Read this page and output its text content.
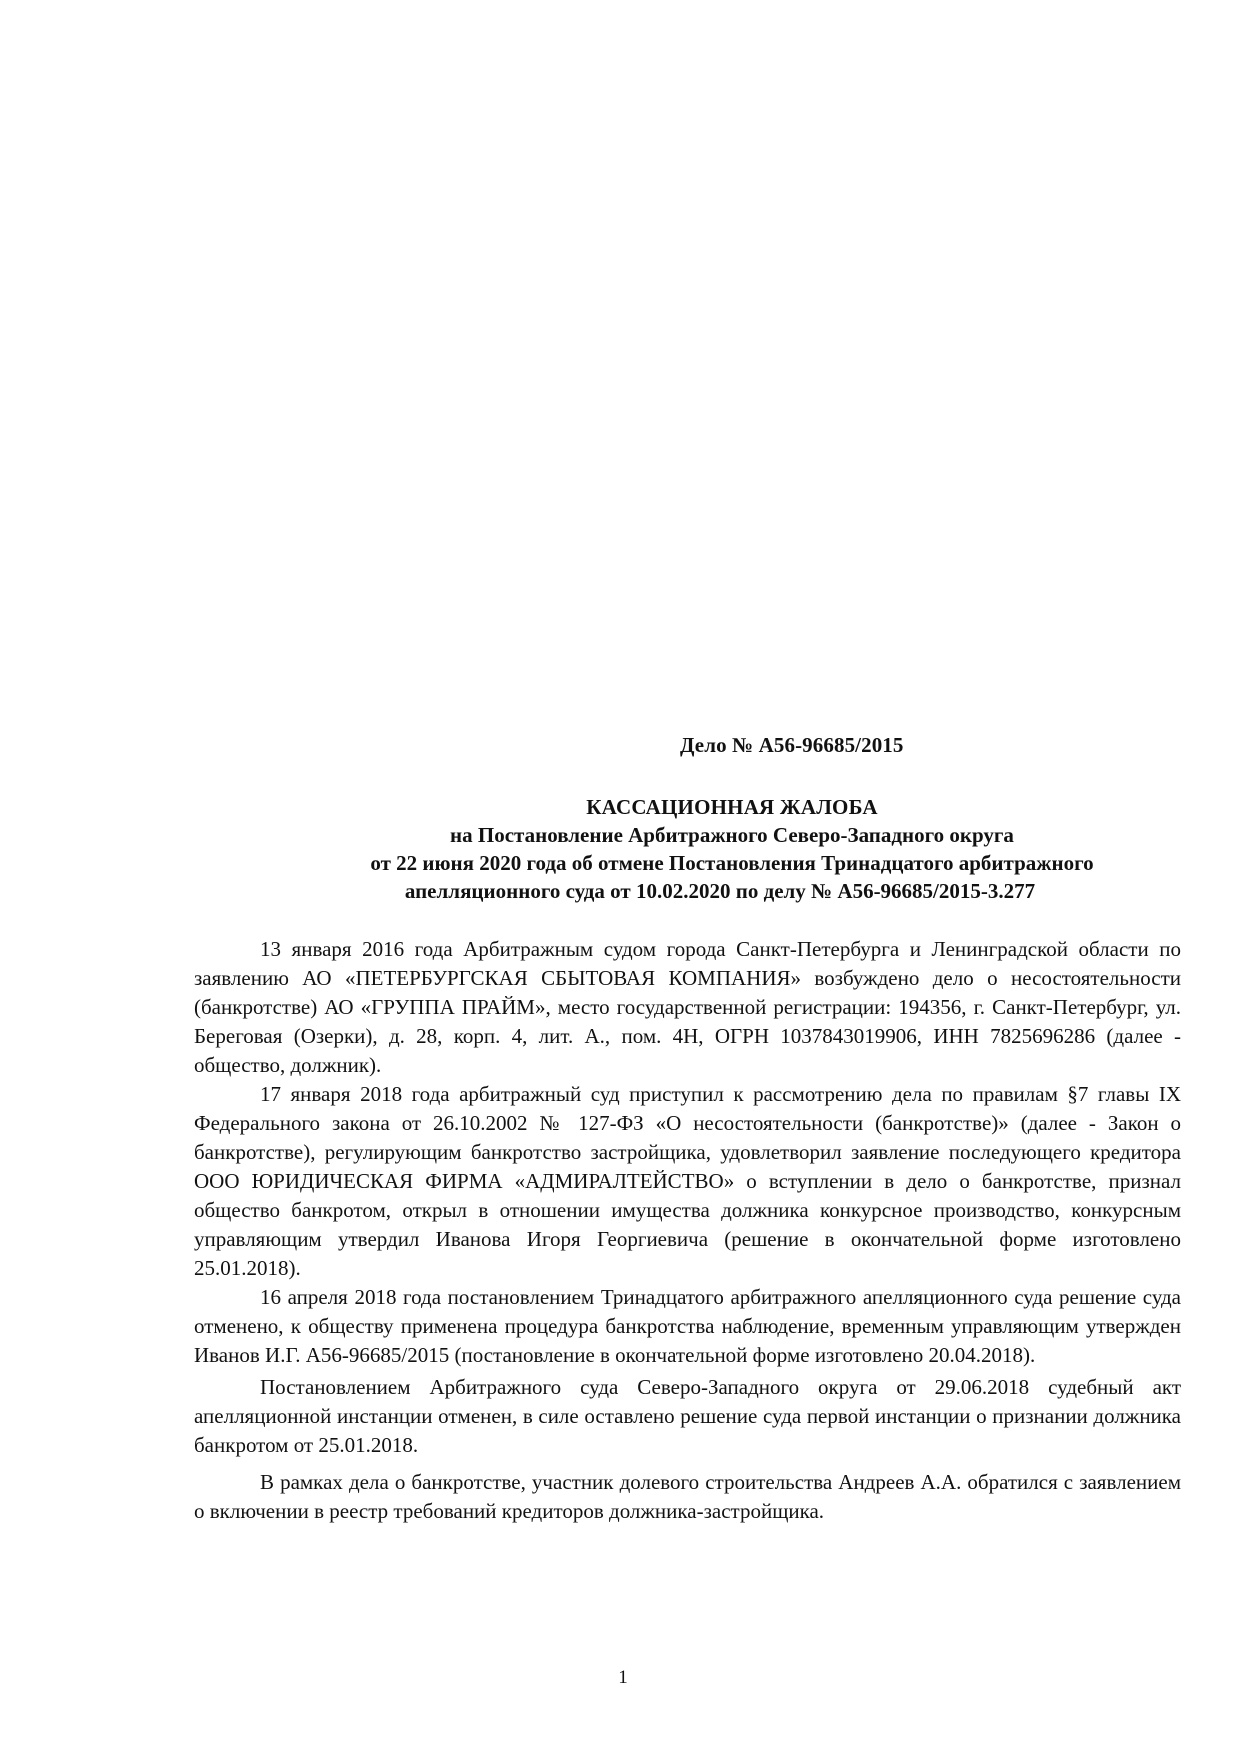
Дело № А56-96685/2015
КАССАЦИОННАЯ ЖАЛОБА
на Постановление Арбитражного Северо-Западного округа
от 22 июня 2020 года об отмене Постановления Тринадцатого арбитражного
апелляционного суда от 10.02.2020 по делу № А56-96685/2015-3.277

13 января 2016 года Арбитражным судом города Санкт-Петербурга и Ленинградской области по заявлению АО «ПЕТЕРБУРГСКАЯ СБЫТОВАЯ КОМПАНИЯ» возбуждено дело о несостоятельности (банкротстве) АО «ГРУППА ПРАЙМ», место государственной регистрации: 194356, г. Санкт-Петербург, ул. Береговая (Озерки), д. 28, корп. 4, лит. А., пом. 4Н, ОГРН 1037843019906, ИНН 7825696286 (далее - общество, должник).

17 января 2018 года арбитражный суд приступил к рассмотрению дела по правилам §7 главы IX Федерального закона от 26.10.2002 № 127-ФЗ «О несостоятельности (банкротстве)» (далее - Закон о банкротстве), регулирующим банкротство застройщика, удовлетворил заявление последующего кредитора ООО ЮРИДИЧЕСКАЯ ФИРМА «АДМИРАЛТЕЙСТВО» о вступлении в дело о банкротстве, признал общество банкротом, открыл в отношении имущества должника конкурсное производство, конкурсным управляющим утвердил Иванова Игоря Георгиевича (решение в окончательной форме изготовлено 25.01.2018).

16 апреля 2018 года постановлением Тринадцатого арбитражного апелляционного суда решение суда отменено, к обществу применена процедура банкротства наблюдение, временным управляющим утвержден Иванов И.Г. А56-96685/2015 (постановление в окончательной форме изготовлено 20.04.2018).

Постановлением Арбитражного суда Северо-Западного округа от 29.06.2018 судебный акт апелляционной инстанции отменен, в силе оставлено решение суда первой инстанции о признании должника банкротом от 25.01.2018.

В рамках дела о банкротстве, участник долевого строительства Андреев А.А. обратился с заявлением о включении в реестр требований кредиторов должника-застройщика.

1
